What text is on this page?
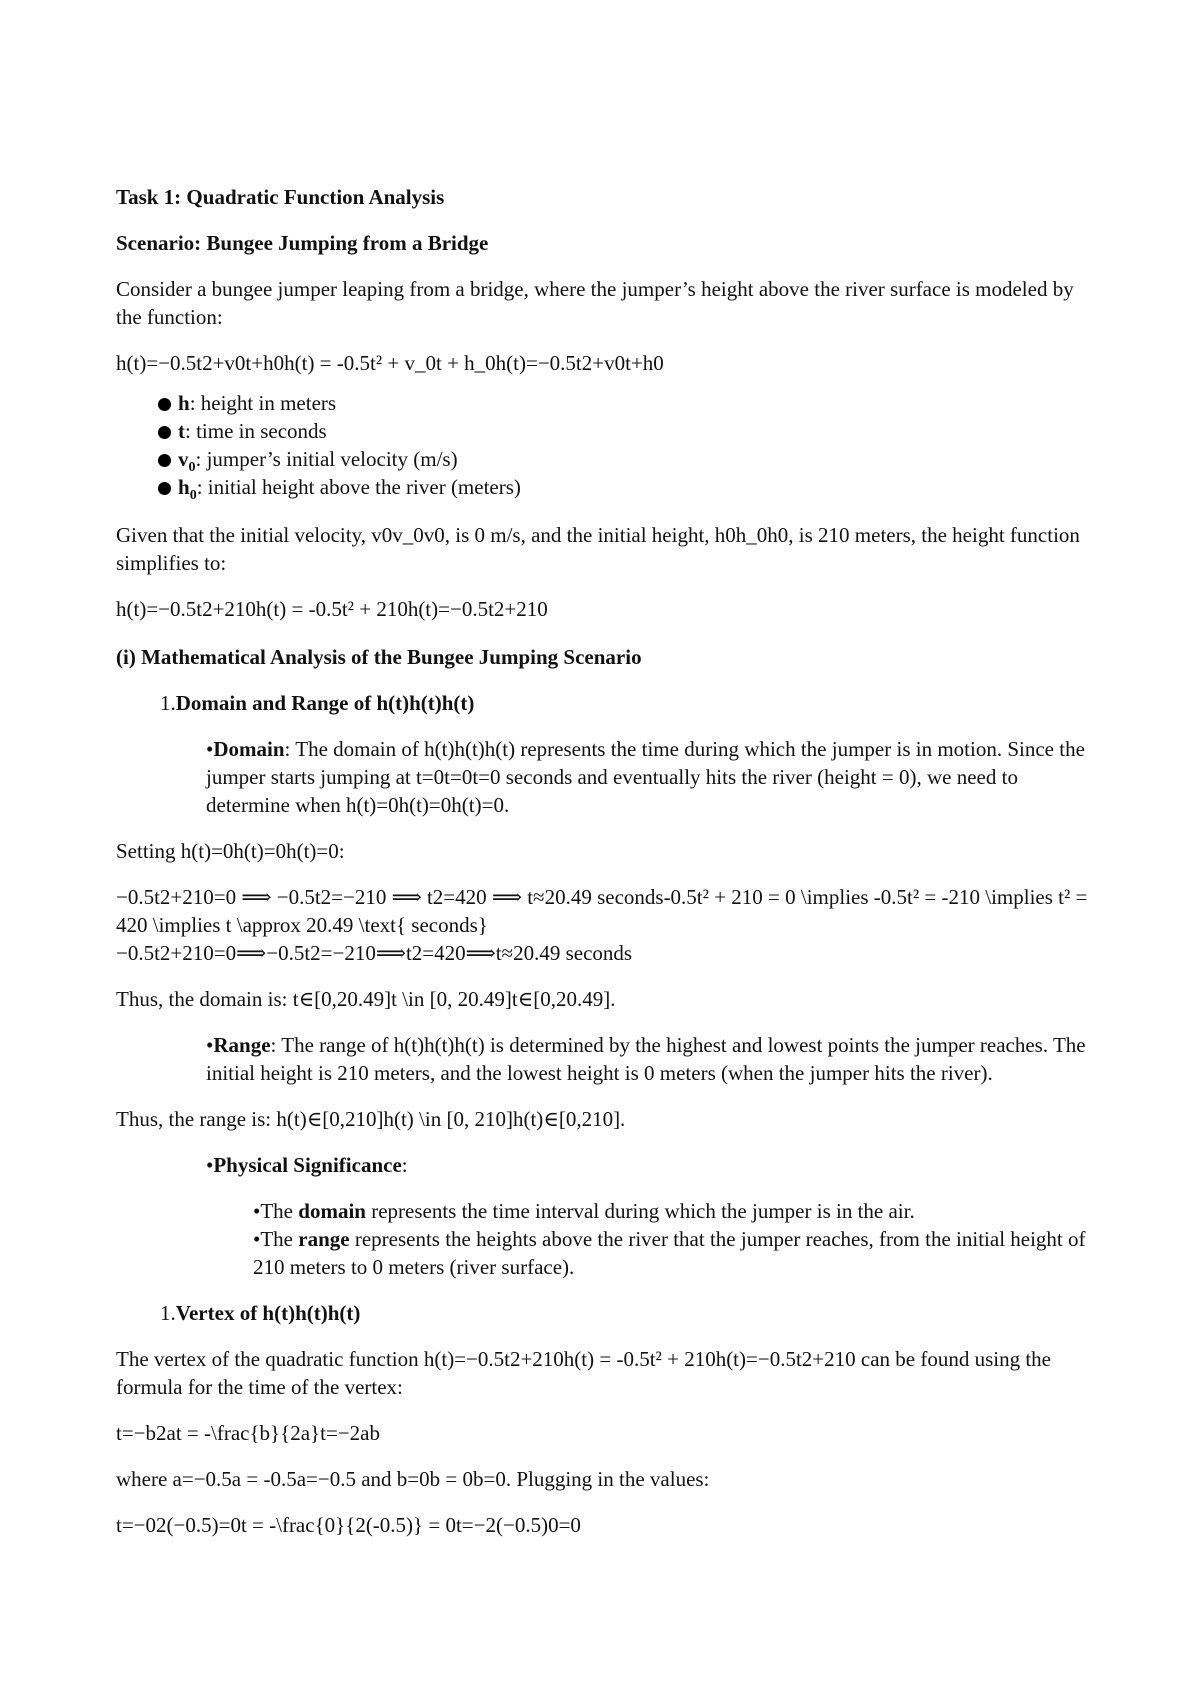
Task 1: Quadratic Function Analysis

Scenario: Bungee Jumping from a Bridge

Consider a bungee jumper leaping from a bridge, where the jumper’s height above the river surface is modeled by the function:

h(t)=−0.5t2+v0t+h0h(t) = -0.5t² + v_0t + h_0h(t)=−0.5t2+v0t+h0

h: height in meters
t: time in seconds
$v_0$: jumper’s initial velocity (m/s)
$h_0$: initial height above the river (meters)

Given that the initial velocity, v0v_0v0, is 0 m/s, and the initial height, h0h_0h0, is 210 meters, the height function simplifies to:

h(t)=−0.5t2+210h(t) = -0.5t² + 210h(t)=−0.5t2+210

(i) Mathematical Analysis of the Bungee Jumping Scenario

1.Domain and Range of h(t)h(t)h(t)

•Domain: The domain of h(t)h(t)h(t) represents the time during which the jumper is in motion. Since the jumper starts jumping at t=0t=0t=0 seconds and eventually hits the river (height = 0), we need to determine when h(t)=0h(t)=0h(t)=0.

Setting h(t)=0h(t)=0h(t)=0:

−0.5t2+210=0 ⟹ −0.5t2=−210 ⟹ t2=420 ⟹ t≈20.49 seconds-0.5t² + 210 = 0 \implies -0.5t² = -210 \implies t² = 420 \implies t \approx 20.49 \text{ seconds}

−0.5t2+210=0⟹−0.5t2=−210⟹t2=420⟹t≈20.49 seconds

Thus, the domain is: t∈[0,20.49]t \in [0, 20.49]t∈[0,20.49].

•Range: The range of h(t)h(t)h(t) is determined by the highest and lowest points the jumper reaches. The initial height is 210 meters, and the lowest height is 0 meters (when the jumper hits the river).

Thus, the range is: h(t)∈[0,210]h(t) \in [0, 210]h(t)∈[0,210].

•Physical Significance:

•The domain represents the time interval during which the jumper is in the air.

•The range represents the heights above the river that the jumper reaches, from the initial height of 210 meters to 0 meters (river surface).

1.Vertex of h(t)h(t)h(t)

The vertex of the quadratic function h(t)=−0.5t2+210h(t) = -0.5t² + 210h(t)=−0.5t2+210 can be found using the formula for the time of the vertex:

t=−b2at = -\frac{b}{2a}t=−2ab

where a=−0.5a = -0.5a=−0.5 and b=0b = 0b=0. Plugging in the values:

t=−02(−0.5)=0t = -\frac{0}{2(-0.5)} = 0t=−2(−0.5)0=0
